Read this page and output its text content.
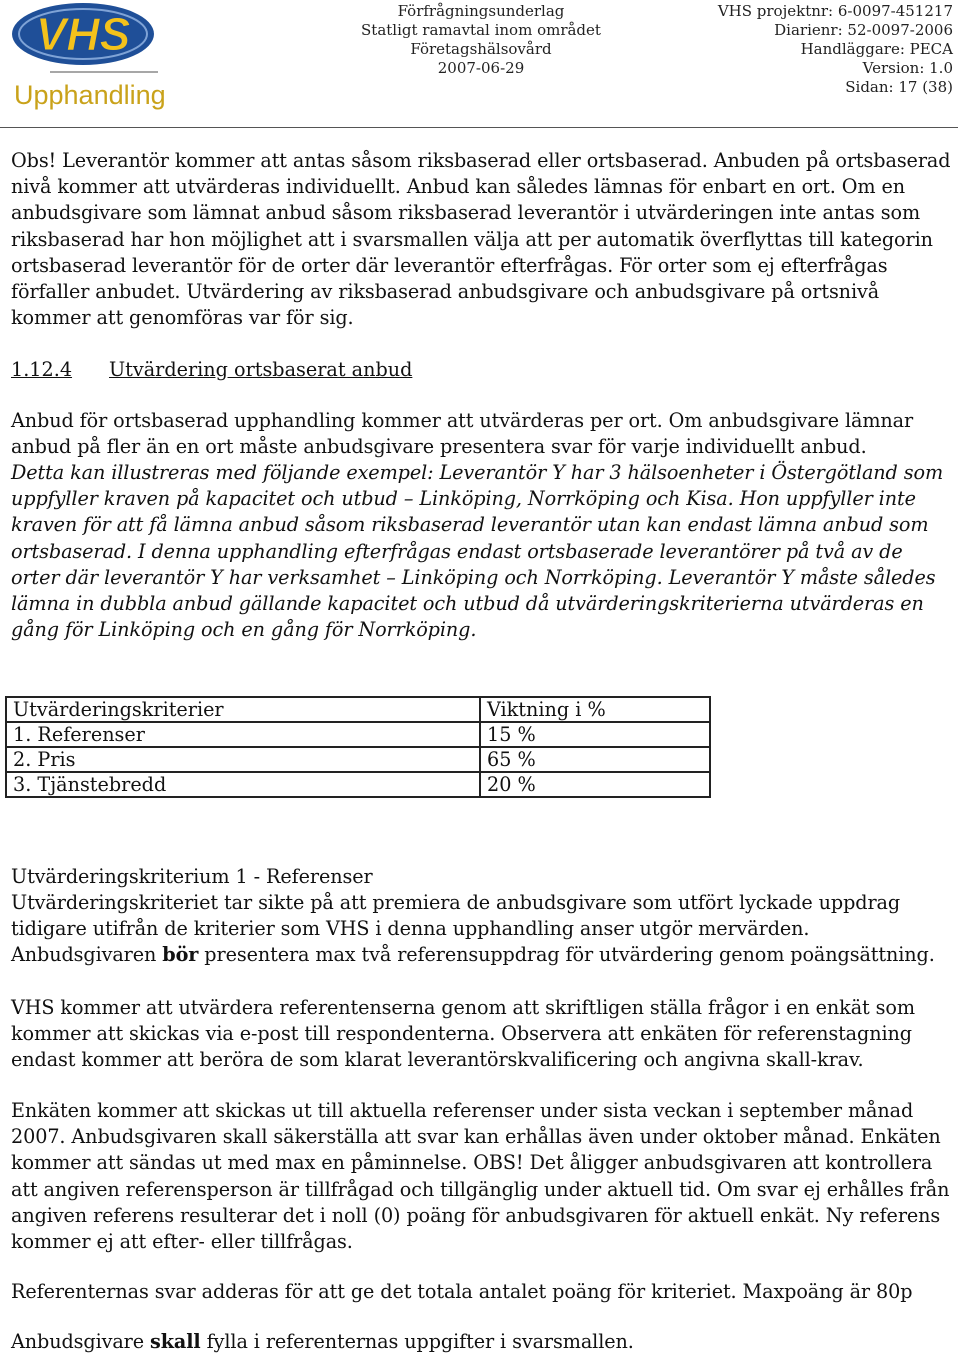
VHS
Upphandling
Förfrågningsunderlag
Statligt ramavtal inom området
Företagshälsovård
2007-06-29
VHS projektnr: 6-0097-451217
Diarienr: 52-0097-2006
Handläggare: PECA
Version: 1.0
Sidan: 17 (38)

Obs! Leverantör kommer att antas såsom riksbaserad eller ortsbaserad. Anbuden på ortsbaserad nivå kommer att utvärderas individuellt. Anbud kan således lämnas för enbart en ort. Om en anbudsgivare som lämnat anbud såsom riksbaserad leverantör i utvärderingen inte antas som riksbaserad har hon möjlighet att i svarsmallen välja att per automatik överflyttas till kategorin ortsbaserad leverantör för de orter där leverantör efterfrågas. För orter som ej efterfrågas förfaller anbudet. Utvärdering av riksbaserad anbudsgivare och anbudsgivare på ortsnivå kommer att genomföras var för sig.

1.12.4 Utvärdering ortsbaserat anbud

Anbud för ortsbaserad upphandling kommer att utvärderas per ort. Om anbudsgivare lämnar anbud på fler än en ort måste anbudsgivare presentera svar för varje individuellt anbud.

Detta kan illustreras med följande exempel: Leverantör Y har 3 hälsoenheter i Östergötland som uppfyller kraven på kapacitet och utbud – Linköping, Norrköping och Kisa. Hon uppfyller inte kraven för att få lämna anbud såsom riksbaserad leverantör utan kan endast lämna anbud som ortsbaserad. I denna upphandling efterfrågas endast ortsbaserade leverantörer på två av de orter där leverantör Y har verksamhet – Linköping och Norrköping. Leverantör Y måste således lämna in dubbla anbud gällande kapacitet och utbud då utvärderingskriterierna utvärderas en gång för Linköping och en gång för Norrköping.

Utvärderingskriterier	Viktning i %
1. Referenser	15 %
2. Pris	65 %
3. Tjänstebredd	20 %
Utvärderingskriterium 1 - Referenser

Utvärderingskriteriet tar sikte på att premiera de anbudsgivare som utfört lyckade uppdrag tidigare utifrån de kriterier som VHS i denna upphandling anser utgör mervärden. Anbudsgivaren bör presentera max två referensuppdrag för utvärdering genom poängsättning.

VHS kommer att utvärdera referentenserna genom att skriftligen ställa frågor i en enkät som kommer att skickas via e-post till respondenterna. Observera att enkäten för referenstagning endast kommer att beröra de som klarat leverantörskvalificering och angivna skall-krav.

Enkäten kommer att skickas ut till aktuella referenser under sista veckan i september månad 2007. Anbudsgivaren skall säkerställa att svar kan erhållas även under oktober månad. Enkäten kommer att sändas ut med max en påminnelse. OBS! Det åligger anbudsgivaren att kontrollera att angiven referensperson är tillfrågad och tillgänglig under aktuell tid. Om svar ej erhålles från angiven referens resulterar det i noll (0) poäng för anbudsgivaren för aktuell enkät. Ny referens kommer ej att efter- eller tillfrågas.

Referenternas svar adderas för att ge det totala antalet poäng för kriteriet. Maxpoäng är 80p

Anbudsgivare skall fylla i referenternas uppgifter i svarsmallen.
